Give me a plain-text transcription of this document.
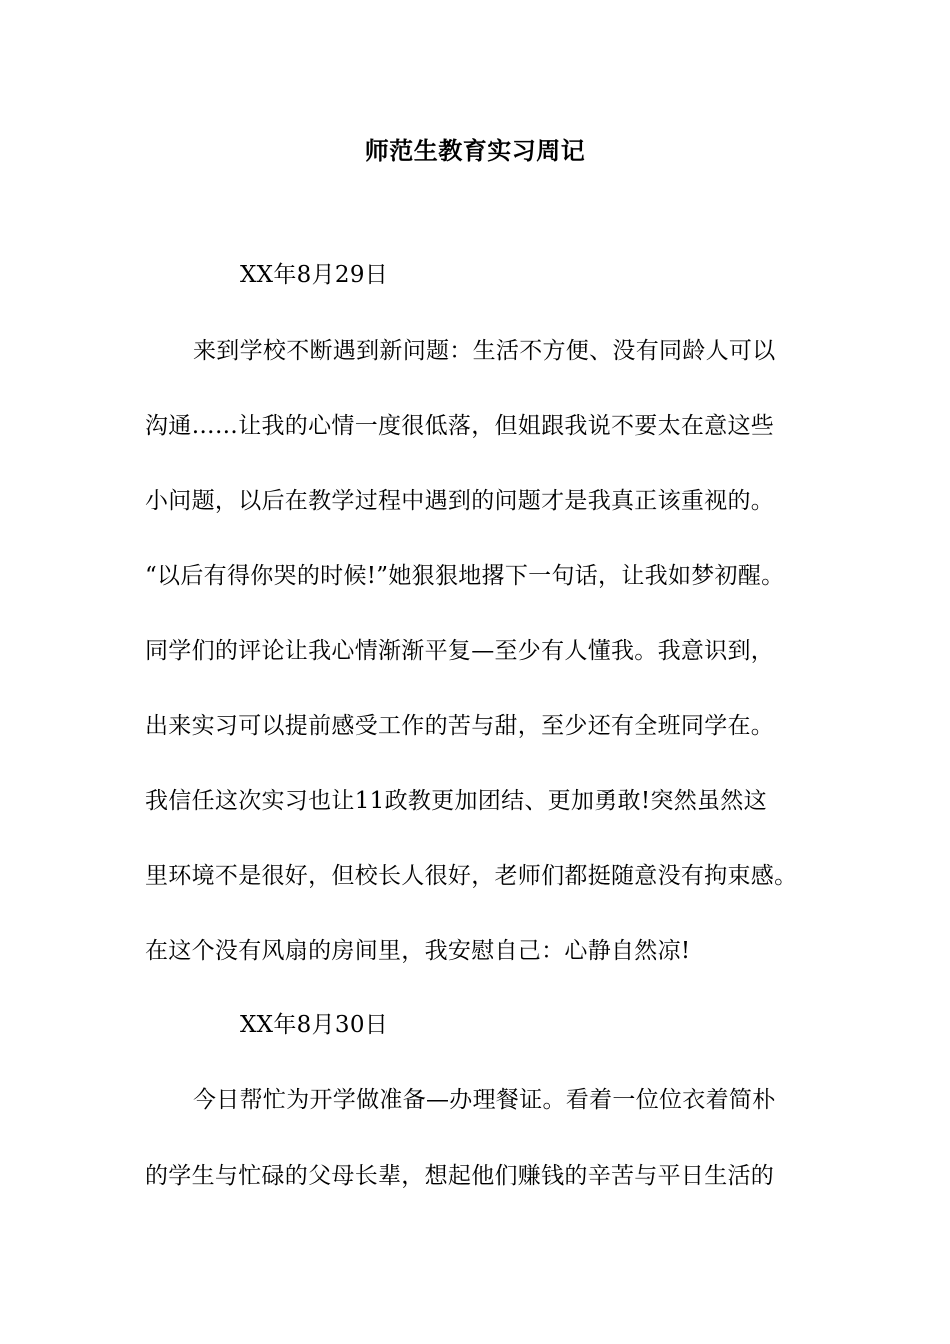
师范生教育实习周记
XX年8月29日
来到学校不断遇到新问题：生活不方便、没有同龄人可以
沟通……让我的心情一度很低落，但姐跟我说不要太在意这些
小问题，以后在教学过程中遇到的问题才是我真正该重视的。
“以后有得你哭的时候!”她狠狠地撂下一句话，让我如梦初醒。
同学们的评论让我心情渐渐平复—至少有人懂我。我意识到，
出来实习可以提前感受工作的苦与甜，至少还有全班同学在。
我信任这次实习也让11政教更加团结、更加勇敢!突然虽然这
里环境不是很好，但校长人很好，老师们都挺随意没有拘束感。
在这个没有风扇的房间里，我安慰自己：心静自然凉!
XX年8月30日
今日帮忙为开学做准备—办理餐证。看着一位位衣着简朴
的学生与忙碌的父母长辈，想起他们赚钱的辛苦与平日生活的
